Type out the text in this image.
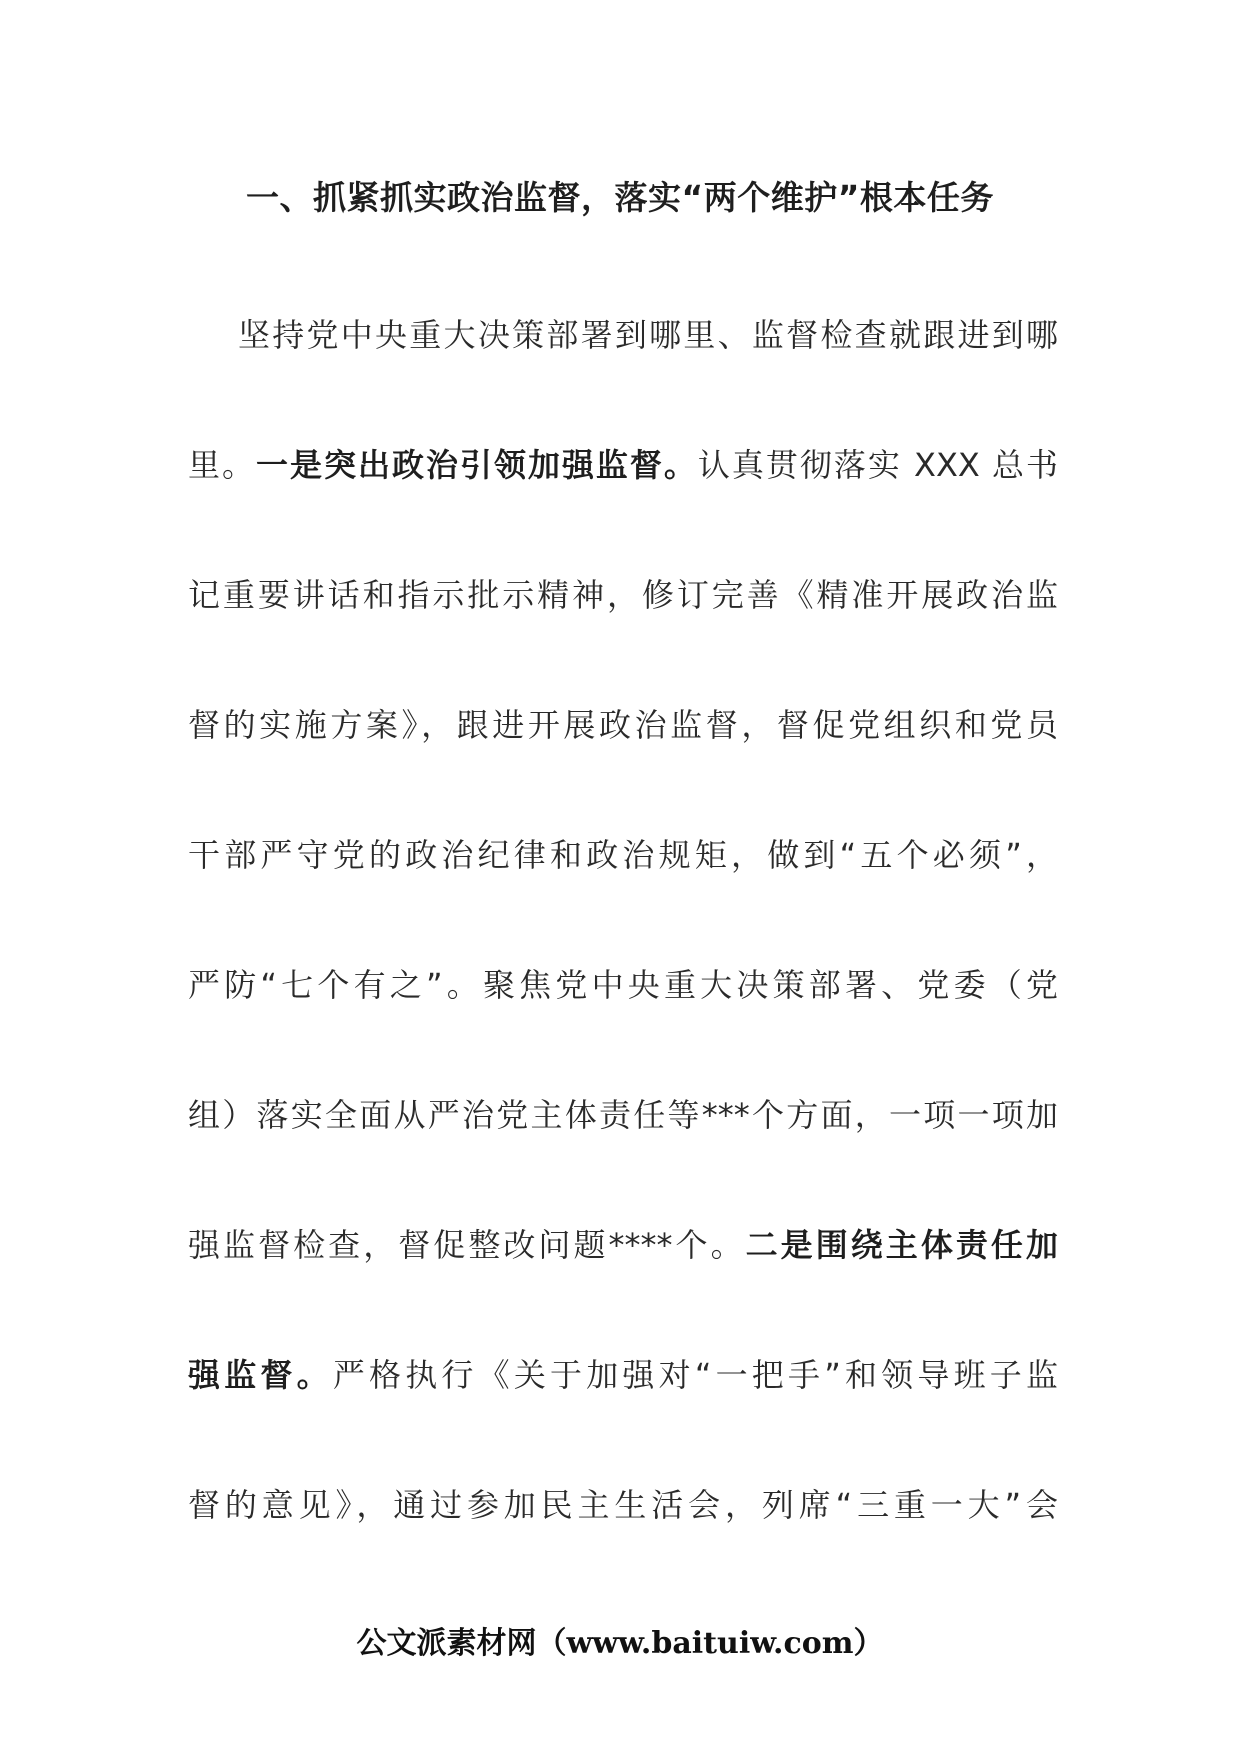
一、抓紧抓实政治监督，落实“两个维护”根本任务
坚持党中央重大决策部署到哪里、监督检查就跟进到哪
里。一是突出政治引领加强监督。认真贯彻落实 XXX 总书
记重要讲话和指示批示精神，修订完善《精准开展政治监
督的实施方案》，跟进开展政治监督，督促党组织和党员
干部严守党的政治纪律和政治规矩，做到“五个必须”，
严防“七个有之”。聚焦党中央重大决策部署、党委（党
组）落实全面从严治党主体责任等***个方面，一项一项加
强监督检查，督促整改问题****个。二是围绕主体责任加
强监督。严格执行《关于加强对“一把手”和领导班子监
督的意见》，通过参加民主生活会，列席“三重一大”会
公文派素材网（www.baituiw.com）
